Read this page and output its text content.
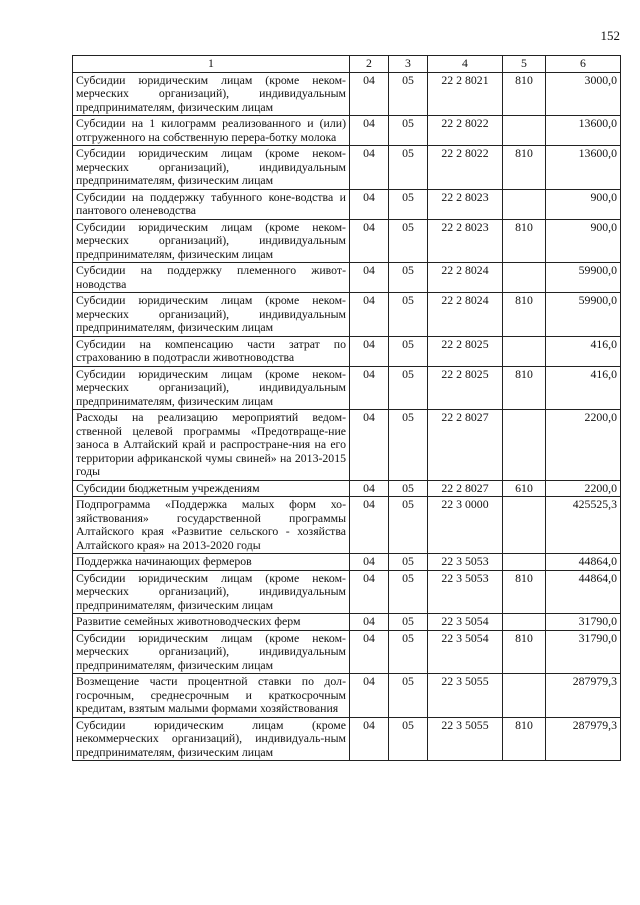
152
1	2	3	4	5	6
Субсидии юридическим лицам (кроме неком-мерческих организаций), индивидуальным предпринимателям, физическим лицам	04	05	22 2 8021	810	3000,0
Субсидии на 1 килограмм реализованного и (или) отгруженного на собственную перера-ботку молока	04	05	22 2 8022		13600,0
Субсидии юридическим лицам (кроме неком-мерческих организаций), индивидуальным предпринимателям, физическим лицам	04	05	22 2 8022	810	13600,0
Субсидии на поддержку табунного коне-водства и пантового оленеводства	04	05	22 2 8023		900,0
Субсидии юридическим лицам (кроме неком-мерческих организаций), индивидуальным предпринимателям, физическим лицам	04	05	22 2 8023	810	900,0
Субсидии на поддержку племенного живот-новодства	04	05	22 2 8024		59900,0
Субсидии юридическим лицам (кроме неком-мерческих организаций), индивидуальным предпринимателям, физическим лицам	04	05	22 2 8024	810	59900,0
Субсидии на компенсацию части затрат по страхованию в подотрасли животноводства	04	05	22 2 8025		416,0
Субсидии юридическим лицам (кроме неком-мерческих организаций), индивидуальным предпринимателям, физическим лицам	04	05	22 2 8025	810	416,0
Расходы на реализацию мероприятий ведом-ственной целевой программы «Предотвраще-ние заноса в Алтайский край и распростране-ния на его территории африканской чумы свиней» на 2013-2015 годы	04	05	22 2 8027		2200,0
Субсидии бюджетным учреждениям	04	05	22 2 8027	610	2200,0
Подпрограмма «Поддержка малых форм хо-зяйствования» государственной программы Алтайского края «Развитие сельского - хозяйства Алтайского края» на 2013-2020 годы	04	05	22 3 0000		425525,3
Поддержка начинающих фермеров	04	05	22 3 5053		44864,0
Субсидии юридическим лицам (кроме неком-мерческих организаций), индивидуальным предпринимателям, физическим лицам	04	05	22 3 5053	810	44864,0
Развитие семейных животноводческих ферм	04	05	22 3 5054		31790,0
Субсидии юридическим лицам (кроме неком-мерческих организаций), индивидуальным предпринимателям, физическим лицам	04	05	22 3 5054	810	31790,0
Возмещение части процентной ставки по дол-госрочным, среднесрочным и краткосрочным кредитам, взятым малыми формами хозяйствования	04	05	22 3 5055		287979,3
Субсидии юридическим лицам (кроме некоммерческих организаций), индивидуаль-ным предпринимателям, физическим лицам	04	05	22 3 5055	810	287979,3
